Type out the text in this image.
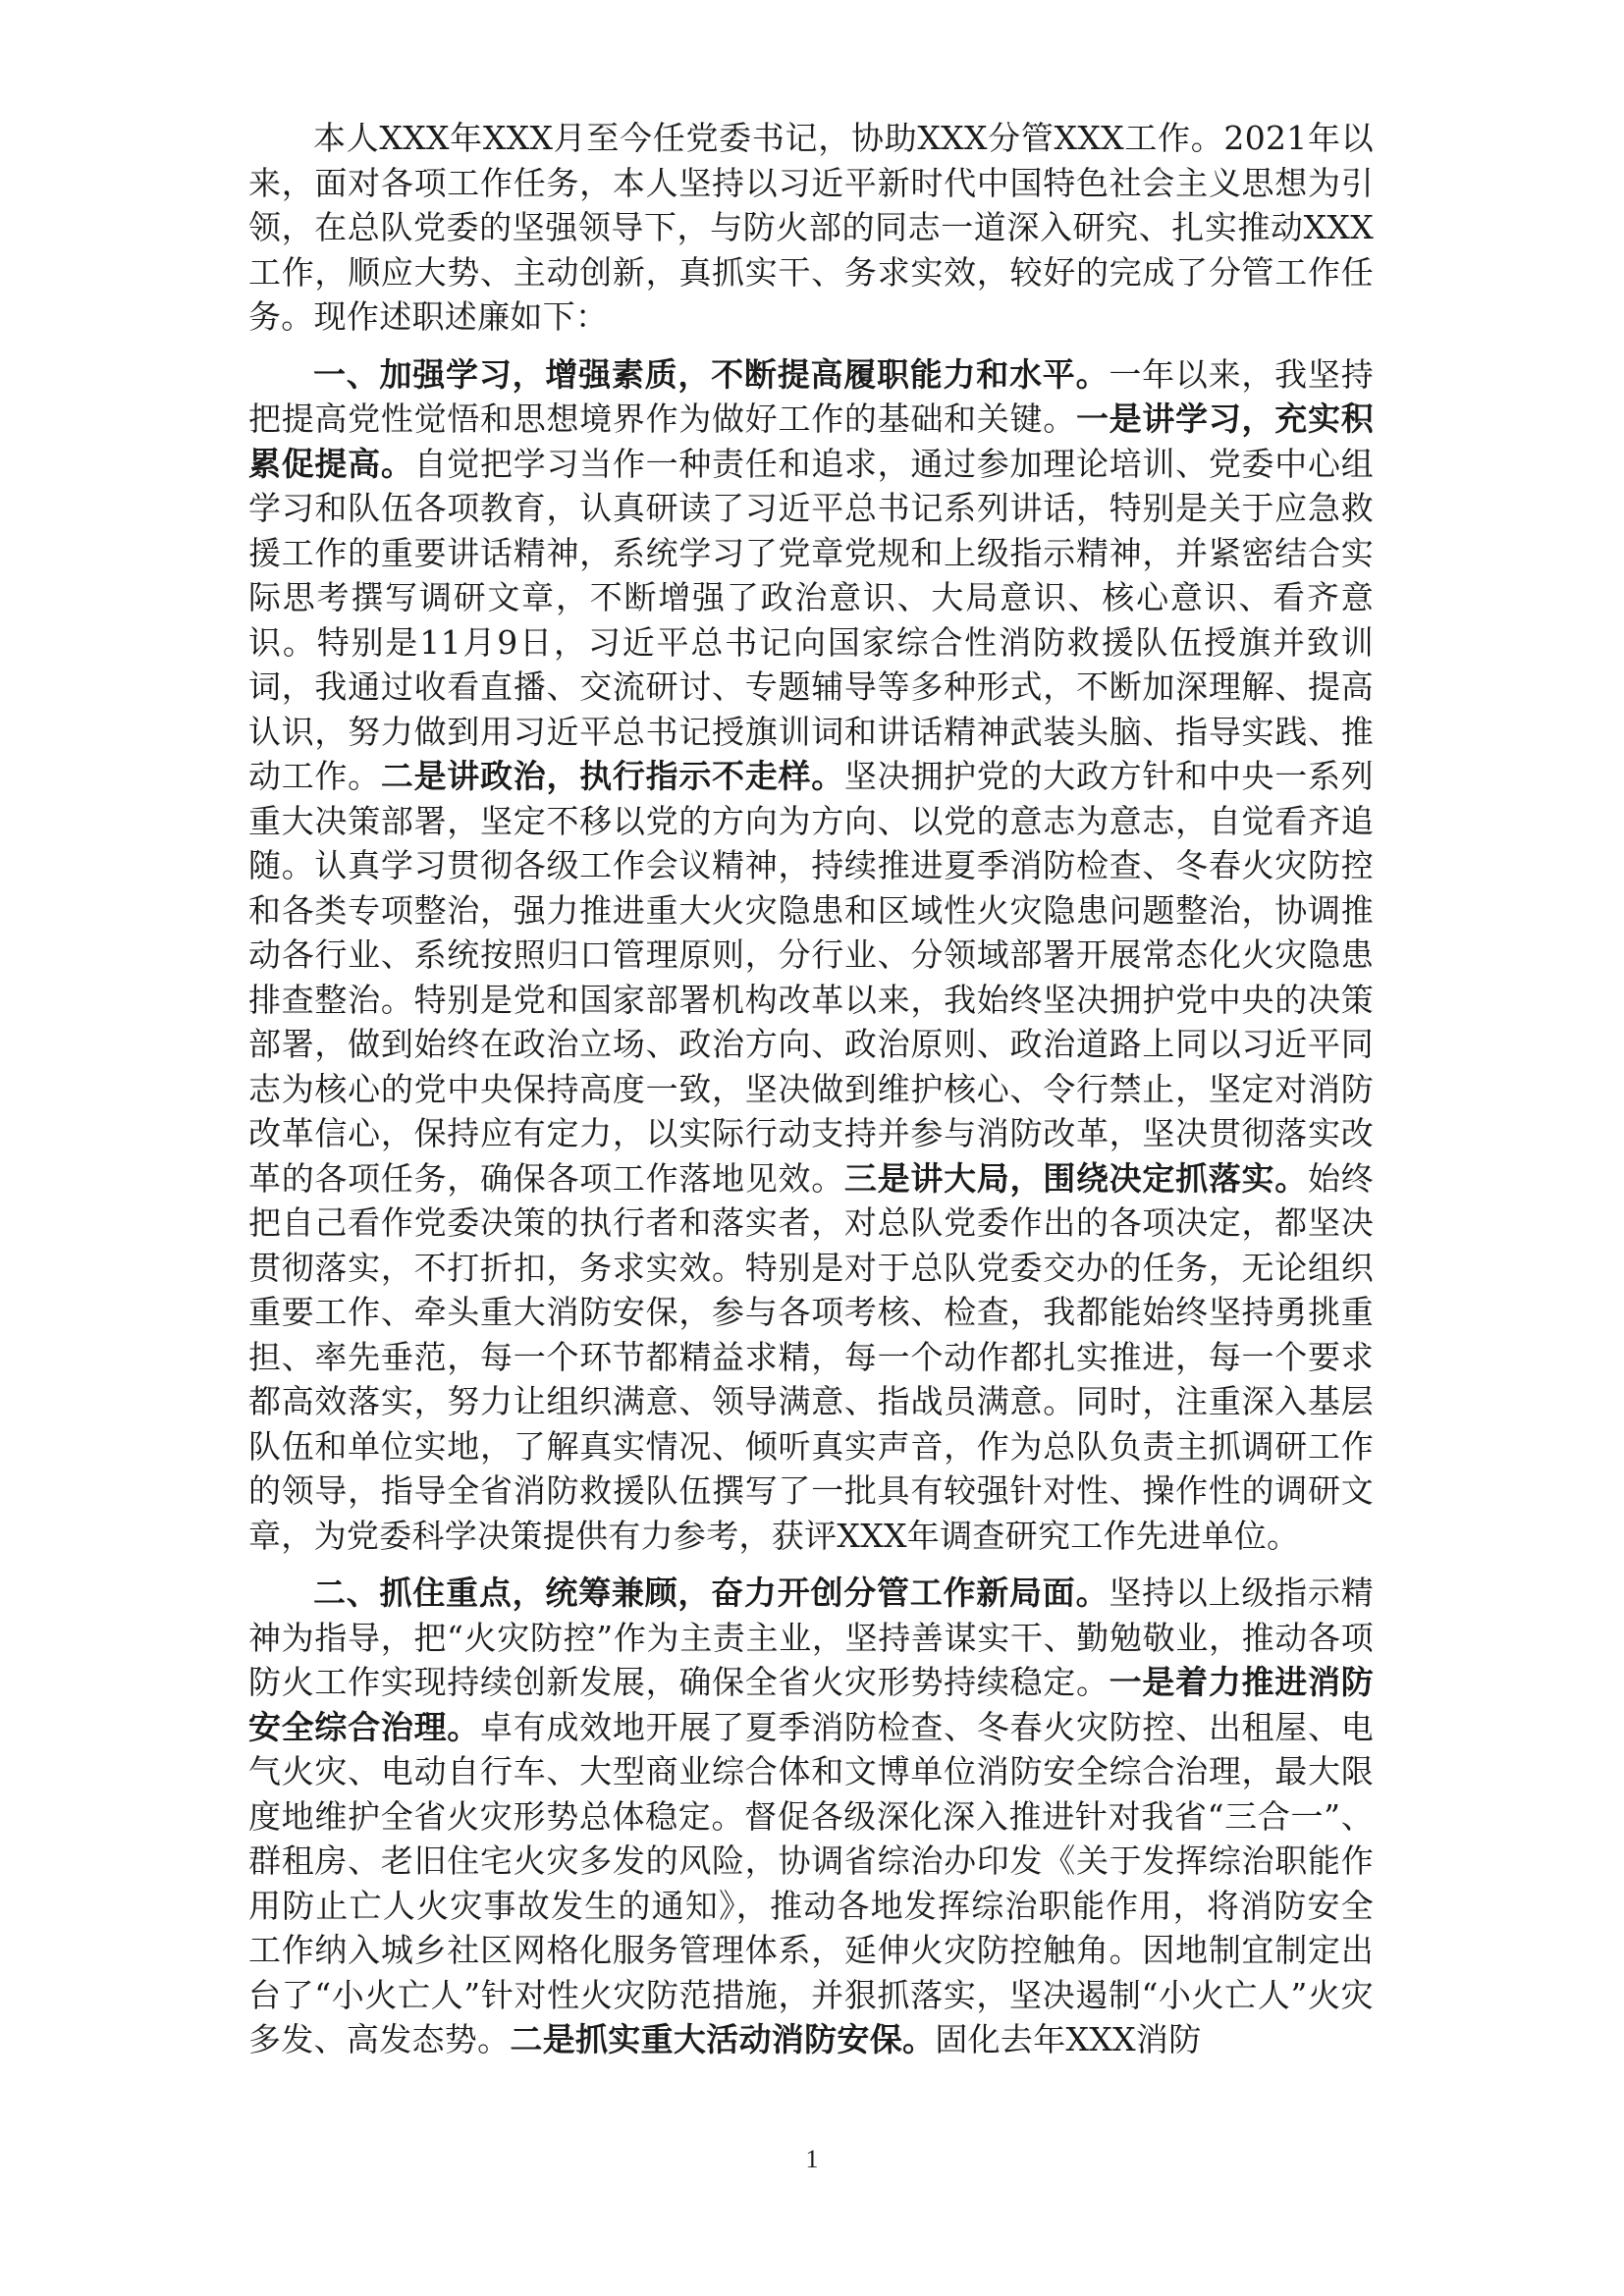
本人XXX年XXX月至今任党委书记，协助XXX分管XXX工作。2021年以来，面对各项工作任务，本人坚持以习近平新时代中国特色社会主义思想为引领，在总队党委的坚强领导下，与防火部的同志一道深入研究、扎实推动XXX工作，顺应大势、主动创新，真抓实干、务求实效，较好的完成了分管工作任务。现作述职述廉如下：

一、加强学习，增强素质，不断提高履职能力和水平。一年以来，我坚持把提高党性觉悟和思想境界作为做好工作的基础和关键。一是讲学习，充实积累促提高。自觉把学习当作一种责任和追求，通过参加理论培训、党委中心组学习和队伍各项教育，认真研读了习近平总书记系列讲话，特别是关于应急救援工作的重要讲话精神，系统学习了党章党规和上级指示精神，并紧密结合实际思考撰写调研文章，不断增强了政治意识、大局意识、核心意识、看齐意识。特别是11月9日，习近平总书记向国家综合性消防救援队伍授旗并致训词，我通过收看直播、交流研讨、专题辅导等多种形式，不断加深理解、提高认识，努力做到用习近平总书记授旗训词和讲话精神武装头脑、指导实践、推动工作。二是讲政治，执行指示不走样。坚决拥护党的大政方针和中央一系列重大决策部署，坚定不移以党的方向为方向、以党的意志为意志，自觉看齐追随。认真学习贯彻各级工作会议精神，持续推进夏季消防检查、冬春火灾防控和各类专项整治，强力推进重大火灾隐患和区域性火灾隐患问题整治，协调推动各行业、系统按照归口管理原则，分行业、分领域部署开展常态化火灾隐患排查整治。特别是党和国家部署机构改革以来，我始终坚决拥护党中央的决策部署，做到始终在政治立场、政治方向、政治原则、政治道路上同以习近平同志为核心的党中央保持高度一致，坚决做到维护核心、令行禁止，坚定对消防改革信心，保持应有定力，以实际行动支持并参与消防改革，坚决贯彻落实改革的各项任务，确保各项工作落地见效。三是讲大局，围绕决定抓落实。始终把自己看作党委决策的执行者和落实者，对总队党委作出的各项决定，都坚决贯彻落实，不打折扣，务求实效。特别是对于总队党委交办的任务，无论组织重要工作、牵头重大消防安保，参与各项考核、检查，我都能始终坚持勇挑重担、率先垂范，每一个环节都精益求精，每一个动作都扎实推进，每一个要求都高效落实，努力让组织满意、领导满意、指战员满意。同时，注重深入基层队伍和单位实地，了解真实情况、倾听真实声音，作为总队负责主抓调研工作的领导，指导全省消防救援队伍撰写了一批具有较强针对性、操作性的调研文章，为党委科学决策提供有力参考，获评XXX年调查研究工作先进单位。

二、抓住重点，统筹兼顾，奋力开创分管工作新局面。坚持以上级指示精神为指导，把“火灾防控”作为主责主业，坚持善谋实干、勤勉敬业，推动各项防火工作实现持续创新发展，确保全省火灾形势持续稳定。一是着力推进消防安全综合治理。卓有成效地开展了夏季消防检查、冬春火灾防控、出租屋、电气火灾、电动自行车、大型商业综合体和文博单位消防安全综合治理，最大限度地维护全省火灾形势总体稳定。督促各级深化深入推进针对我省“三合一”、群租房、老旧住宅火灾多发的风险，协调省综治办印发《关于发挥综治职能作用防止亡人火灾事故发生的通知》，推动各地发挥综治职能作用，将消防安全工作纳入城乡社区网格化服务管理体系，延伸火灾防控触角。因地制宜制定出台了“小火亡人”针对性火灾防范措施，并狠抓落实，坚决遏制“小火亡人”火灾多发、高发态势。二是抓实重大活动消防安保。固化去年XXX消防

1
